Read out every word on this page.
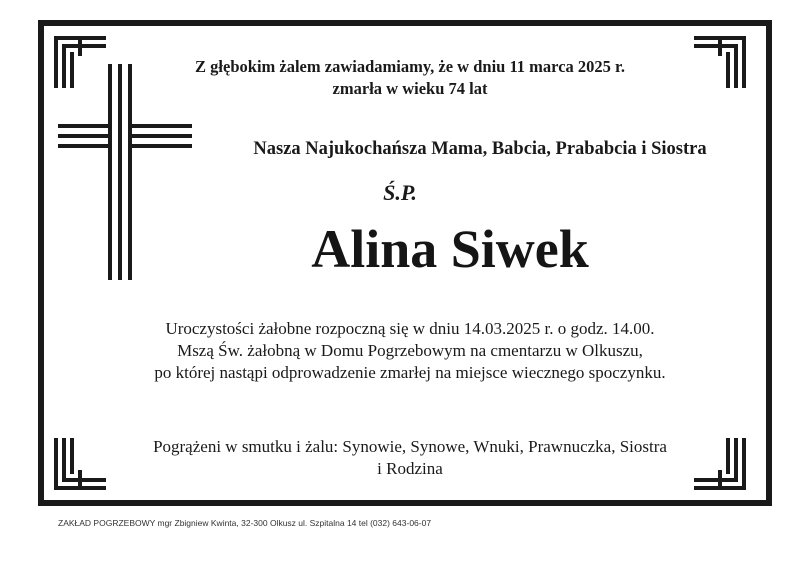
Z głębokim żalem zawiadamiamy, że w dniu 11 marca 2025 r.
zmarła w wieku 74 lat
Nasza Najukochańsza Mama, Babcia, Prababcia i Siostra
Ś.P.
Alina Siwek
Uroczystości żałobne rozpoczną się w dniu 14.03.2025 r. o godz. 14.00.
Mszą Św. żałobną w Domu Pogrzebowym na cmentarzu w Olkuszu,
po której nastąpi odprowadzenie zmarłej na miejsce wiecznego spoczynku.
Pogrążeni w smutku i żalu: Synowie, Synowe, Wnuki, Prawnuczka, Siostra
i Rodzina
ZAKŁAD POGRZEBOWY mgr Zbigniew Kwinta, 32-300 Olkusz ul. Szpitalna 14 tel (032) 643-06-07
